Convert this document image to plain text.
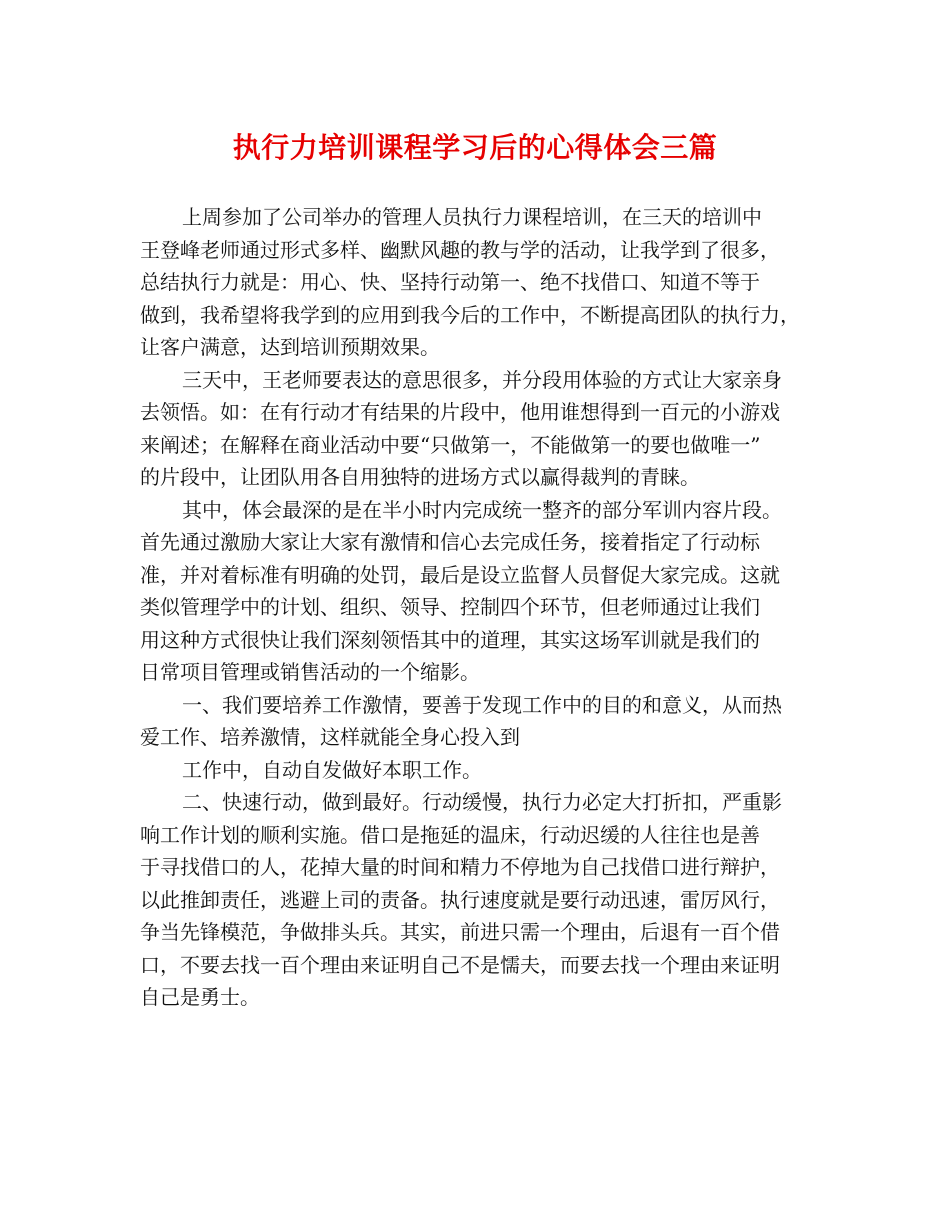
执行力培训课程学习后的心得体会三篇
上周参加了公司举办的管理人员执行力课程培训，在三天的培训中
王登峰老师通过形式多样、幽默风趣的教与学的活动，让我学到了很多，
总结执行力就是：用心、快、坚持行动第一、绝不找借口、知道不等于
做到，我希望将我学到的应用到我今后的工作中，不断提高团队的执行力，
让客户满意，达到培训预期效果。
三天中，王老师要表达的意思很多，并分段用体验的方式让大家亲身
去领悟。如：在有行动才有结果的片段中，他用谁想得到一百元的小游戏
来阐述；在解释在商业活动中要“只做第一，不能做第一的要也做唯一”
的片段中，让团队用各自用独特的进场方式以赢得裁判的青睐。
其中，体会最深的是在半小时内完成统一整齐的部分军训内容片段。
首先通过激励大家让大家有激情和信心去完成任务，接着指定了行动标
准，并对着标准有明确的处罚，最后是设立监督人员督促大家完成。这就
类似管理学中的计划、组织、领导、控制四个环节，但老师通过让我们
用这种方式很快让我们深刻领悟其中的道理，其实这场军训就是我们的
日常项目管理或销售活动的一个缩影。
一、我们要培养工作激情，要善于发现工作中的目的和意义，从而热
爱工作、培养激情，这样就能全身心投入到
工作中，自动自发做好本职工作。
二、快速行动，做到最好。行动缓慢，执行力必定大打折扣，严重影
响工作计划的顺利实施。借口是拖延的温床，行动迟缓的人往往也是善
于寻找借口的人，花掉大量的时间和精力不停地为自己找借口进行辩护，
以此推卸责任，逃避上司的责备。执行速度就是要行动迅速，雷厉风行，
争当先锋模范，争做排头兵。其实，前进只需一个理由，后退有一百个借
口，不要去找一百个理由来证明自己不是懦夫，而要去找一个理由来证明
自己是勇士。
